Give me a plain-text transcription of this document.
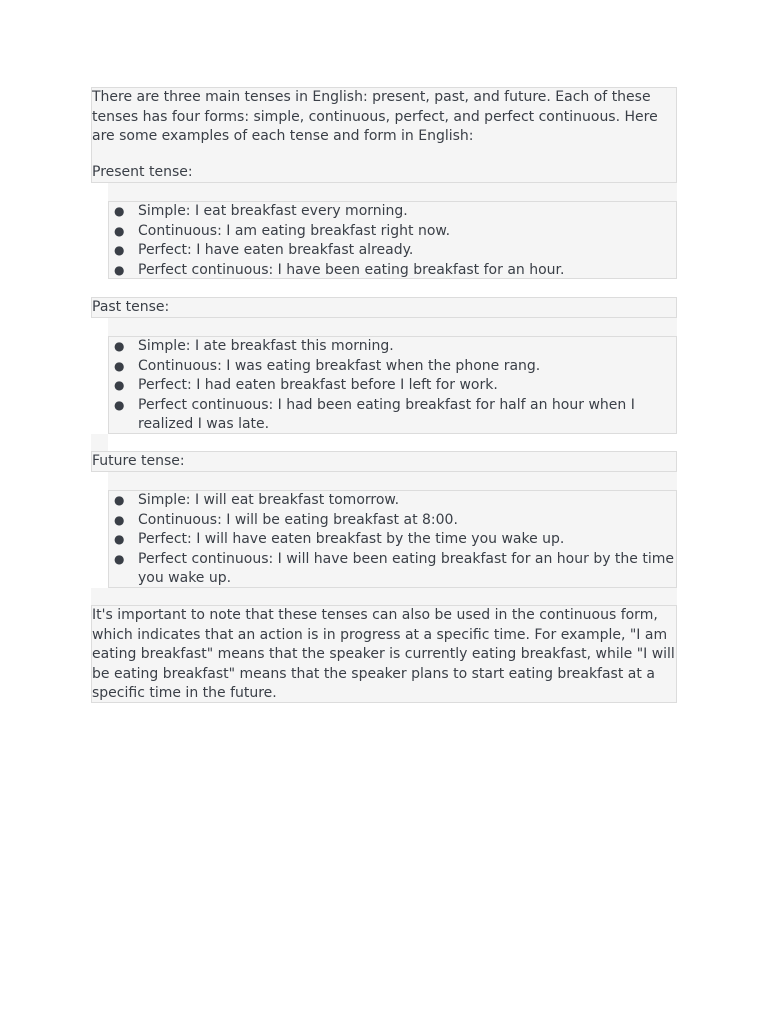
There are three main tenses in English: present, past, and future. Each of these tenses has four forms: simple, continuous, perfect, and perfect continuous. Here are some examples of each tense and form in English:

Present tense:

● Simple: I eat breakfast every morning.
● Continuous: I am eating breakfast right now.
● Perfect: I have eaten breakfast already.
● Perfect continuous: I have been eating breakfast for an hour.
Past tense:
● Simple: I ate breakfast this morning.
● Continuous: I was eating breakfast when the phone rang.
● Perfect: I had eaten breakfast before I left for work.
● Perfect continuous: I had been eating breakfast for half an hour when I realized I was late.
Future tense:
● Simple: I will eat breakfast tomorrow.
● Continuous: I will be eating breakfast at 8:00.
● Perfect: I will have eaten breakfast by the time you wake up.
● Perfect continuous: I will have been eating breakfast for an hour by the time you wake up.

It's important to note that these tenses can also be used in the continuous form, which indicates that an action is in progress at a specific time. For example, "I am eating breakfast" means that the speaker is currently eating breakfast, while "I will be eating breakfast" means that the speaker plans to start eating breakfast at a specific time in the future.
